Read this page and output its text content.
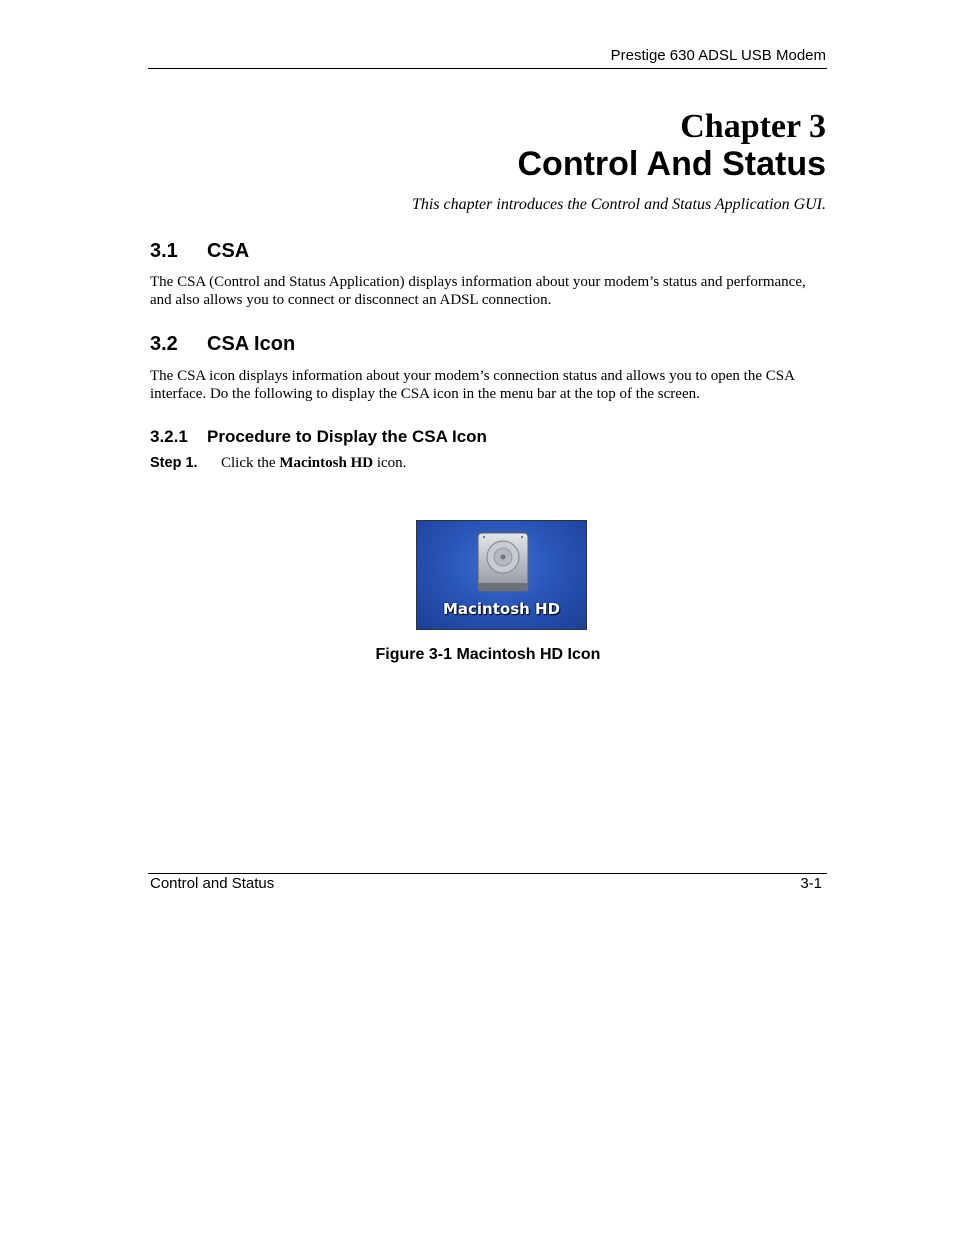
Prestige 630 ADSL USB Modem
Chapter 3
Control And Status
This chapter introduces the Control and Status Application GUI.
3.1 CSA
The CSA (Control and Status Application) displays information about your modem’s status and performance, and also allows you to connect or disconnect an ADSL connection.
3.2 CSA Icon
The CSA icon displays information about your modem’s connection status and allows you to open the CSA interface. Do the following to display the CSA icon in the menu bar at the top of the screen.
3.2.1 Procedure to Display the CSA Icon
Step 1. Click the Macintosh HD icon.
Macintosh HD
Figure 3-1 Macintosh HD Icon
Control and Status	3-1
